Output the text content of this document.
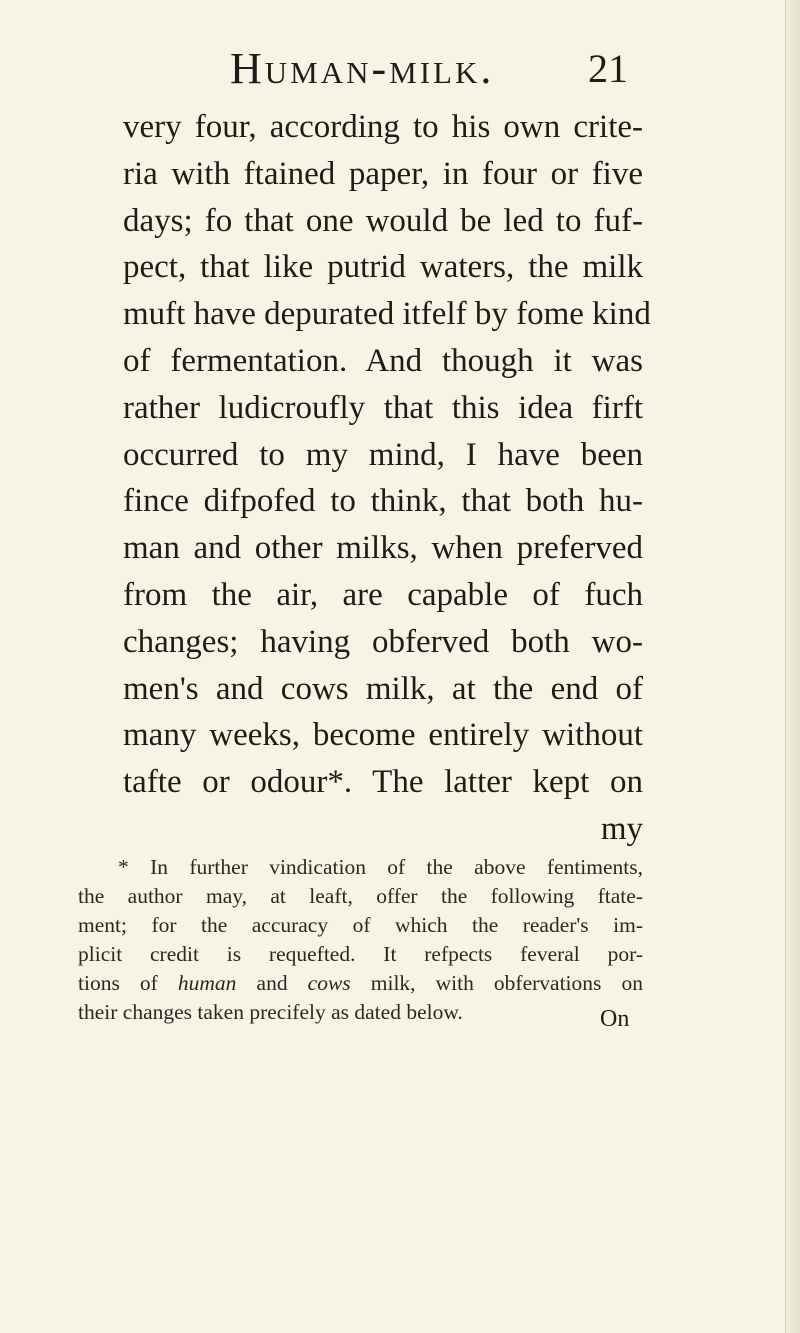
Human-milk. 21
very four, according to his own crite-
ria with ftained paper, in four or five
days; fo that one would be led to fuf-
pect, that like putrid waters, the milk
muft have depurated itfelf by fome kind
of fermentation. And though it was
rather ludicroufly that this idea firft
occurred to my mind, I have been
fince difpofed to think, that both hu-
man and other milks, when preferved
from the air, are capable of fuch
changes; having obferved both wo-
men's and cows milk, at the end of
many weeks, become entirely without
tafte or odour*. The latter kept on
my
* In further vindication of the above fentiments,
the author may, at leaft, offer the following ftate-
ment; for the accuracy of which the reader's im-
plicit credit is requefted. It refpects feveral por-
tions of human and cows milk, with obfervations on
their changes taken precifely as dated below.	On
